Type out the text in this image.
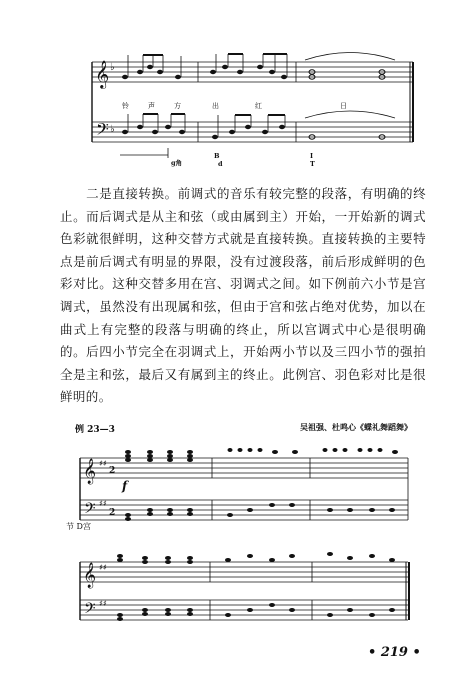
𝄞
𝄢
♭
♭
铃	声	方	出	红	日
g角
B
d
I
T

二是直接转换。前调式的音乐有较完整的段落，有明确的终止。而后调式是从主和弦（或由属到主）开始，一开始新的调式色彩就很鲜明，这种交替方式就是直接转换。直接转换的主要特点是前后调式有明显的界限，没有过渡段落，前后形成鲜明的色彩对比。这种交替多用在宫、羽调式之间。如下例前六小节是宫调式，虽然没有出现属和弦，但由于宫和弦占绝对优势，加以在曲式上有完整的段落与明确的终止，所以宫调式中心是很明确的。后四小节完全在羽调式上，开始两小节以及三四小节的强拍全是主和弦，最后又有属到主的终止。此例宫、羽色彩对比是很鲜明的。

例 23—3	吴祖强、杜鸣心《蝶礼舞蹈舞》
𝄞
𝄢
♯♯
♯♯
2
2
𝄞
𝄢
♯♯
♯♯
f
节 D宫
• 219 •
